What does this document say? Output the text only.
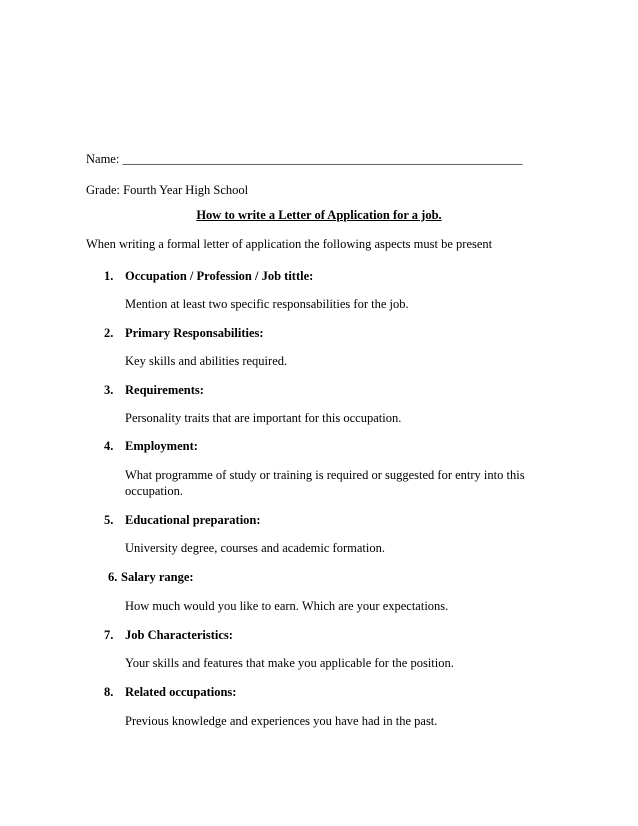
Name: ________________________________________________________________
Grade: Fourth Year High School
How to write a Letter of Application for a job.
When writing a formal letter of application the following aspects must be present
1. Occupation / Profession / Job tittle:
Mention at least two specific responsabilities for the job.
2. Primary Responsabilities:
Key skills and abilities required.
3. Requirements:
Personality traits that are important for this occupation.
4. Employment:
What programme of study or training is required or suggested for entry into this occupation.
5. Educational preparation:
University degree, courses and academic formation.
6. Salary range:
How much would you like to earn. Which are your expectations.
7. Job Characteristics:
Your skills and features that make you applicable for the position.
8. Related occupations:
Previous knowledge and experiences you have had in the past.
